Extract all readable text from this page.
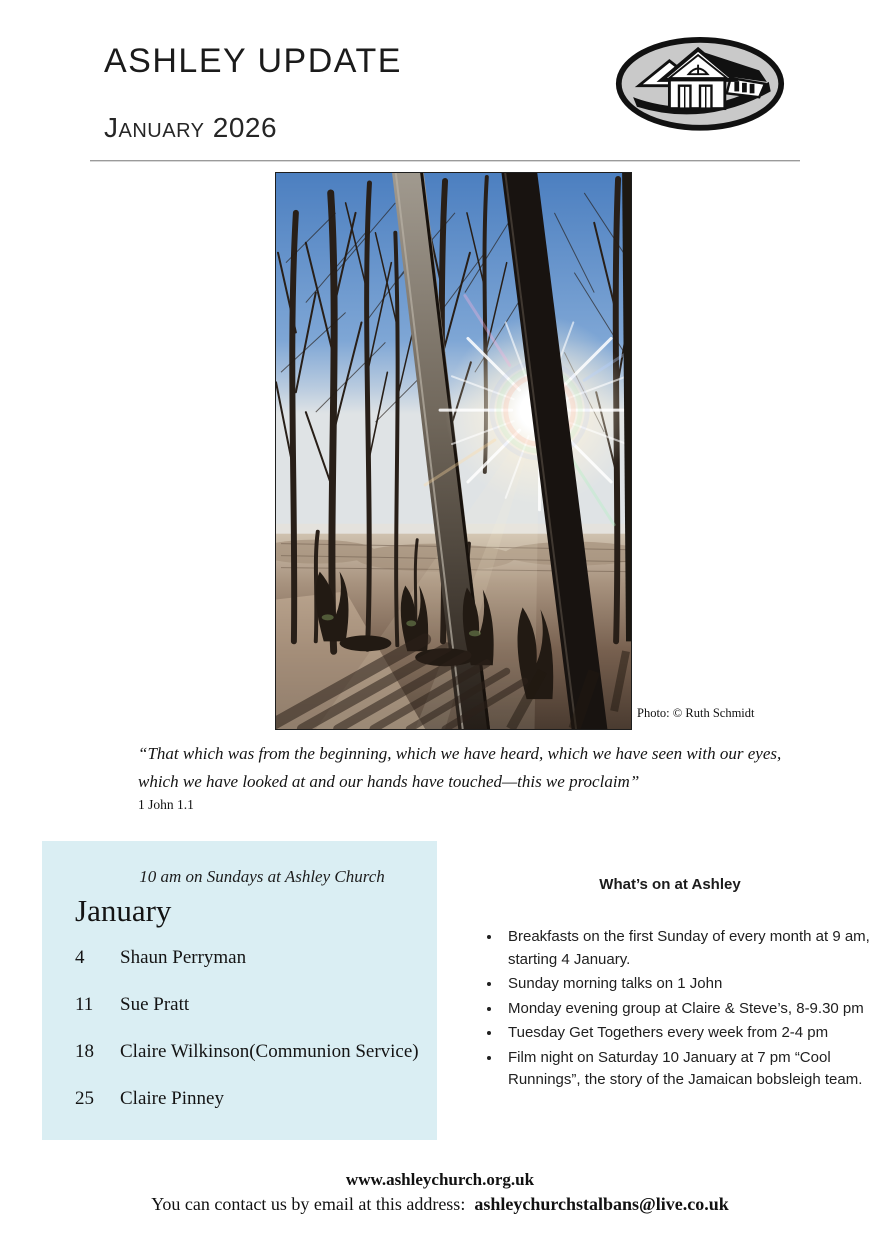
ASHLEY UPDATE
January 2026
Photo: © Ruth Schmidt
“That which was from the beginning, which we have heard, which we have seen with our eyes, which we have looked at and our hands have touched—this we proclaim”
1 John 1.1
10 am on Sundays at Ashley Church
January
4	Shaun Perryman
11	Sue Pratt
18	Claire Wilkinson(Communion Service)
25	Claire Pinney
What’s on at Ashley
• Breakfasts on the first Sunday of every month at 9 am, starting 4 January.
• Sunday morning talks on 1 John
• Monday evening group at Claire & Steve’s, 8-9.30 pm
• Tuesday Get Togethers every week from 2-4 pm
• Film night on Saturday 10 January at 7 pm “Cool Runnings”, the story of the Jamaican bobsleigh team.
www.ashleychurch.org.uk
You can contact us by email at this address:  ashleychurchstalbans@live.co.uk
